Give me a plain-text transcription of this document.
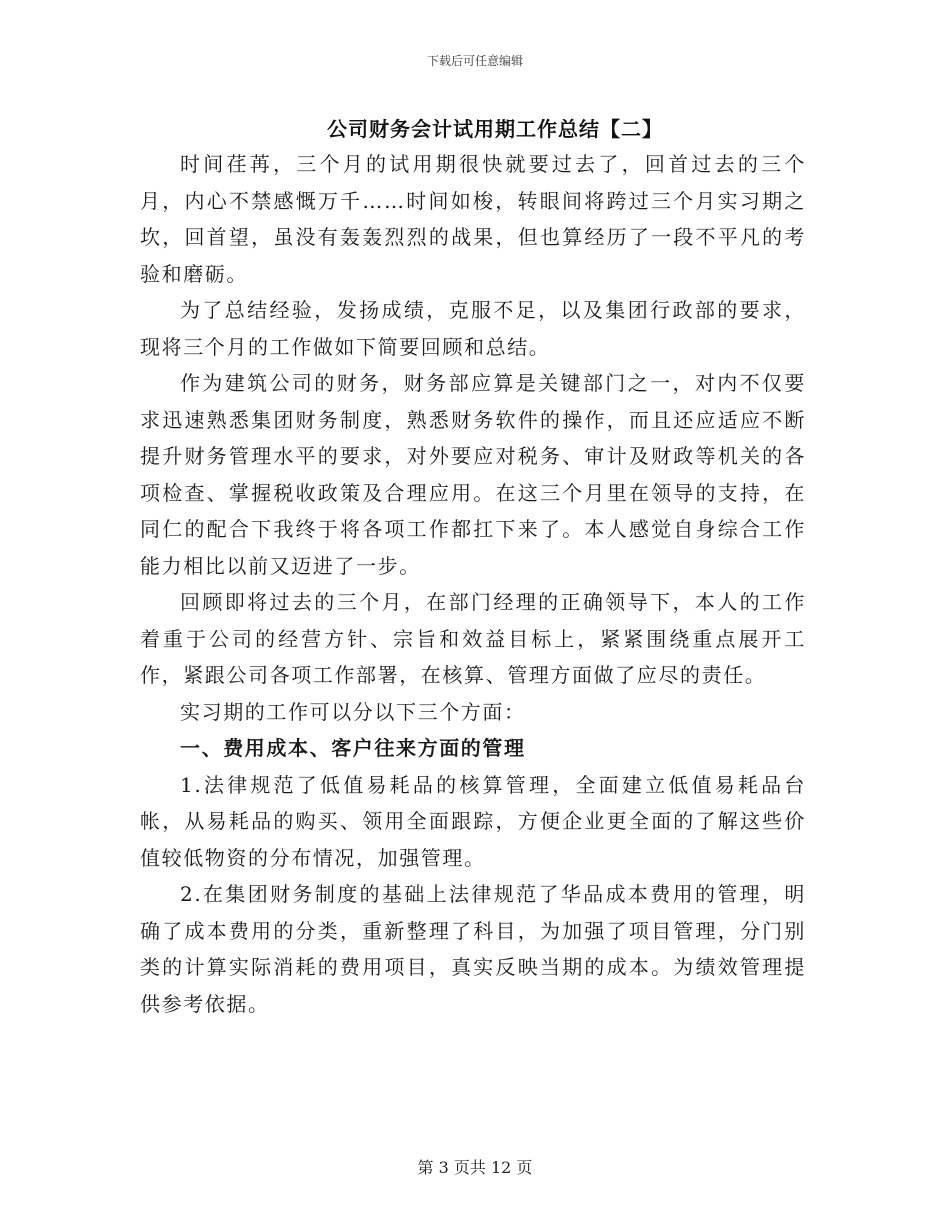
下载后可任意编辑
公司财务会计试用期工作总结【二】

时间荏苒，三个月的试用期很快就要过去了，回首过去的三个月，内心不禁感慨万千……时间如梭，转眼间将跨过三个月实习期之坎，回首望，虽没有轰轰烈烈的战果，但也算经历了一段不平凡的考验和磨砺。

为了总结经验，发扬成绩，克服不足，以及集团行政部的要求，现将三个月的工作做如下简要回顾和总结。

作为建筑公司的财务，财务部应算是关键部门之一，对内不仅要求迅速熟悉集团财务制度，熟悉财务软件的操作，而且还应适应不断提升财务管理水平的要求，对外要应对税务、审计及财政等机关的各项检查、掌握税收政策及合理应用。在这三个月里在领导的支持，在同仁的配合下我终于将各项工作都扛下来了。本人感觉自身综合工作能力相比以前又迈进了一步。

回顾即将过去的三个月，在部门经理的正确领导下，本人的工作着重于公司的经营方针、宗旨和效益目标上，紧紧围绕重点展开工作，紧跟公司各项工作部署，在核算、管理方面做了应尽的责任。

实习期的工作可以分以下三个方面：

一、费用成本、客户往来方面的管理

1.法律规范了低值易耗品的核算管理，全面建立低值易耗品台帐，从易耗品的购买、领用全面跟踪，方便企业更全面的了解这些价值较低物资的分布情况，加强管理。

2.在集团财务制度的基础上法律规范了华品成本费用的管理，明确了成本费用的分类，重新整理了科目，为加强了项目管理，分门别类的计算实际消耗的费用项目，真实反映当期的成本。为绩效管理提供参考依据。

第 3 页共 12 页
